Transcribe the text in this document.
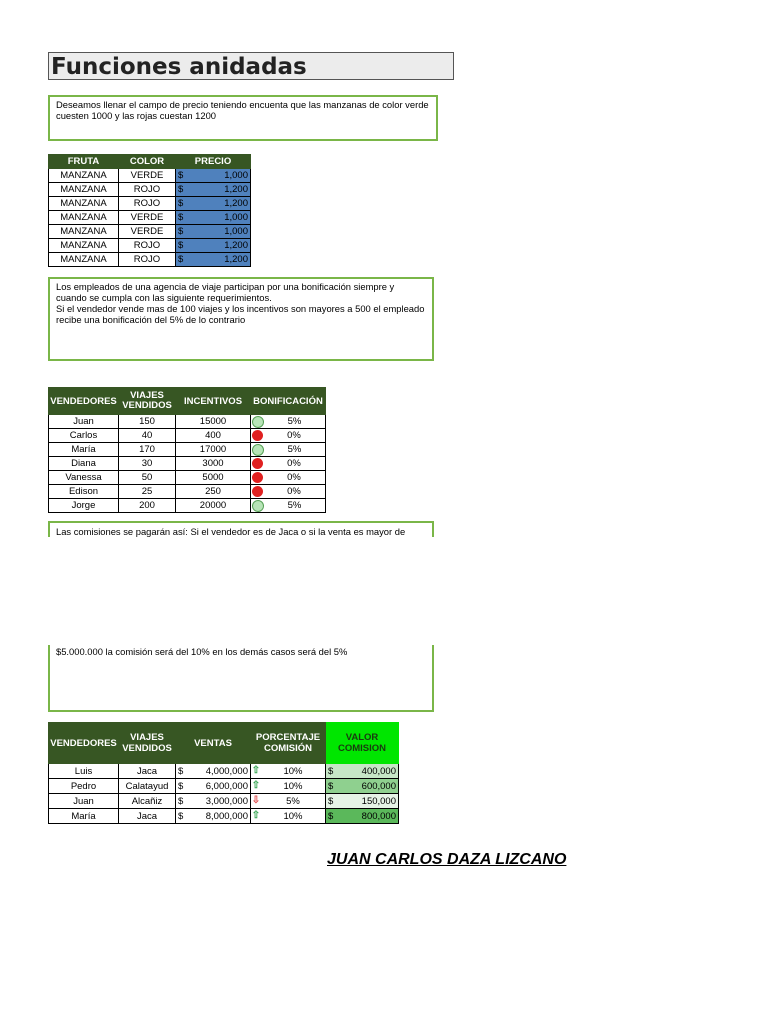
Funciones anidadas
Deseamos llenar el campo de precio teniendo encuenta que las manzanas de color verde cuesten 1000 y las rojas cuestan 1200
FRUTA	COLOR	PRECIO
MANZANA	VERDE	$ 1,000

MANZANA	ROJO	$ 1,200

MANZANA	ROJO	$ 1,200

MANZANA	VERDE	$ 1,000

MANZANA	VERDE	$ 1,000

MANZANA	ROJO	$ 1,200

MANZANA	ROJO	$ 1,200
Los empleados de una agencia de viaje participan por una bonificación siempre y cuando se cumpla con las siguiente requerimientos.
Si el vendedor vende mas de 100 viajes y los incentivos son mayores a 500 el empleado recibe una bonificación del 5% de lo contrario
VENDEDORES	VIAJES VENDIDOS	INCENTIVOS	BONIFICACIÓN
Juan	150	15000	5%

Carlos	40	400	0%

María	170	17000	5%

Diana	30	3000	0%

Vanessa	50	5000	0%

Edison	25	250	0%

Jorge	200	20000	5%
Las comisiones se pagarán así: Si el vendedor es de Jaca o si la venta es mayor de
$5.000.000 la comisión será del 10% en los demás casos será del 5%
VENDEDORES	VIAJES VENDIDOS	VENTAS	PORCENTAJE COMISIÓN	VALOR COMISION
Luis	Jaca	$ 4,000,000	⇧ 10%	$ 400,000

Pedro	Calatayud	$ 6,000,000	⇧ 10%	$ 600,000

Juan	Alcañiz	$ 3,000,000	⇩ 5%	$ 150,000

María	Jaca	$ 8,000,000	⇧ 10%	$ 800,000
JUAN CARLOS DAZA LIZCANO
